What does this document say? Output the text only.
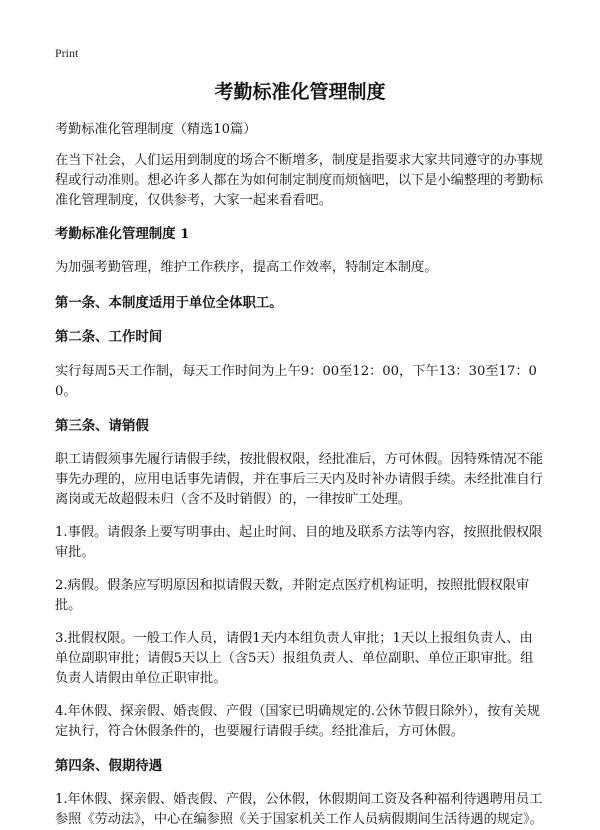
Print
考勤标准化管理制度

考勤标准化管理制度（精选10篇）

在当下社会，人们运用到制度的场合不断增多，制度是指要求大家共同遵守的办事规程或行动准则。想必许多人都在为如何制定制度而烦恼吧，以下是小编整理的考勤标准化管理制度，仅供参考，大家一起来看看吧。

考勤标准化管理制度 1

为加强考勤管理，维护工作秩序，提高工作效率，特制定本制度。

第一条、本制度适用于单位全体职工。

第二条、工作时间

实行每周5天工作制，每天工作时间为上午9：00至12：00，下午13：30至17：00。

第三条、请销假

职工请假须事先履行请假手续，按批假权限，经批准后，方可休假。因特殊情况不能事先办理的，应用电话事先请假，并在事后三天内及时补办请假手续。未经批准自行离岗或无故超假未归（含不及时销假）的，一律按旷工处理。

1.事假。请假条上要写明事由、起止时间、目的地及联系方法等内容，按照批假权限审批。

2.病假。假条应写明原因和拟请假天数，并附定点医疗机构证明，按照批假权限审批。

3.批假权限。一般工作人员，请假1天内本组负责人审批；1天以上报组负责人、由单位副职审批；请假5天以上（含5天）报组负责人、单位副职、单位正职审批。组负责人请假由单位正职审批。

4.年休假、探亲假、婚丧假、产假（国家已明确规定的.公休节假日除外），按有关规定执行，符合休假条件的，也要履行请假手续。经批准后，方可休假。

第四条、假期待遇

1.年休假、探亲假、婚丧假、产假，公休假，休假期间工资及各种福利待遇聘用员工参照《劳动法》，中心在编参照《关于国家机关工作人员病假期间生活待遇的规定》。
